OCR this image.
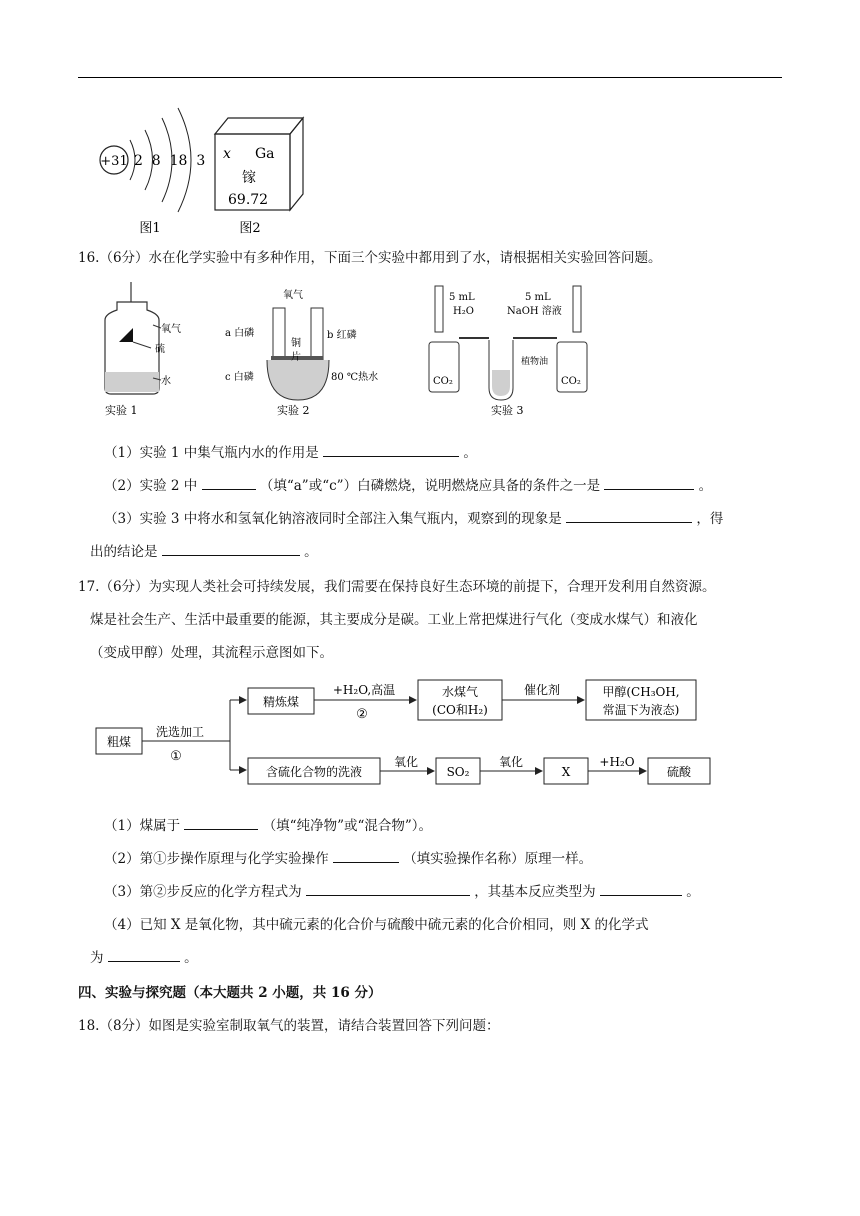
+31 2  8  18  3
图1
x Ga
镓
69.72
图2
16.（6分）水在化学实验中有多种作用，下面三个实验中都用到了水，请根据相关实验回答问题。
氧气
硫
水
实验 1
氧气
a 白磷	b 红磷
铜
片
c 白磷	80 ℃热水
实验 2
5 mL
H₂O
5 mL
NaOH 溶液
植物油
CO₂	CO₂
实验 3
（1）实验 1 中集气瓶内水的作用是	。
（2）实验 2 中	（填“a”或“c”）白磷燃烧，说明燃烧应具备的条件之一是	。
（3）实验 3 中将水和氢氧化钠溶液同时全部注入集气瓶内，观察到的现象是	，得
出的结论是	。
17.（6分）为实现人类社会可持续发展，我们需要在保持良好生态环境的前提下，合理开发利用自然资源。
煤是社会生产、生活中最重要的能源，其主要成分是碳。工业上常把煤进行气化（变成水煤气）和液化
（变成甲醇）处理，其流程示意图如下。
粗煤
洗选加工
①
精炼煤
+H₂O,高温
②
水煤气
(CO和H₂)
催化剂	甲醇(CH₃OH,
常温下为液态)
含硫化合物的洗液
氧化
SO₂
氧化
X
+H₂O
硫酸
（1）煤属于	（填“纯净物”或“混合物”）。
（2）第①步操作原理与化学实验操作	（填实验操作名称）原理一样。
（3）第②步反应的化学方程式为	，其基本反应类型为	。
（4）已知 X 是氧化物，其中硫元素的化合价与硫酸中硫元素的化合价相同，则 X 的化学式
为	。
四、实验与探究题（本大题共 2 小题，共 16 分）
18.（8分）如图是实验室制取氧气的装置，请结合装置回答下列问题：
